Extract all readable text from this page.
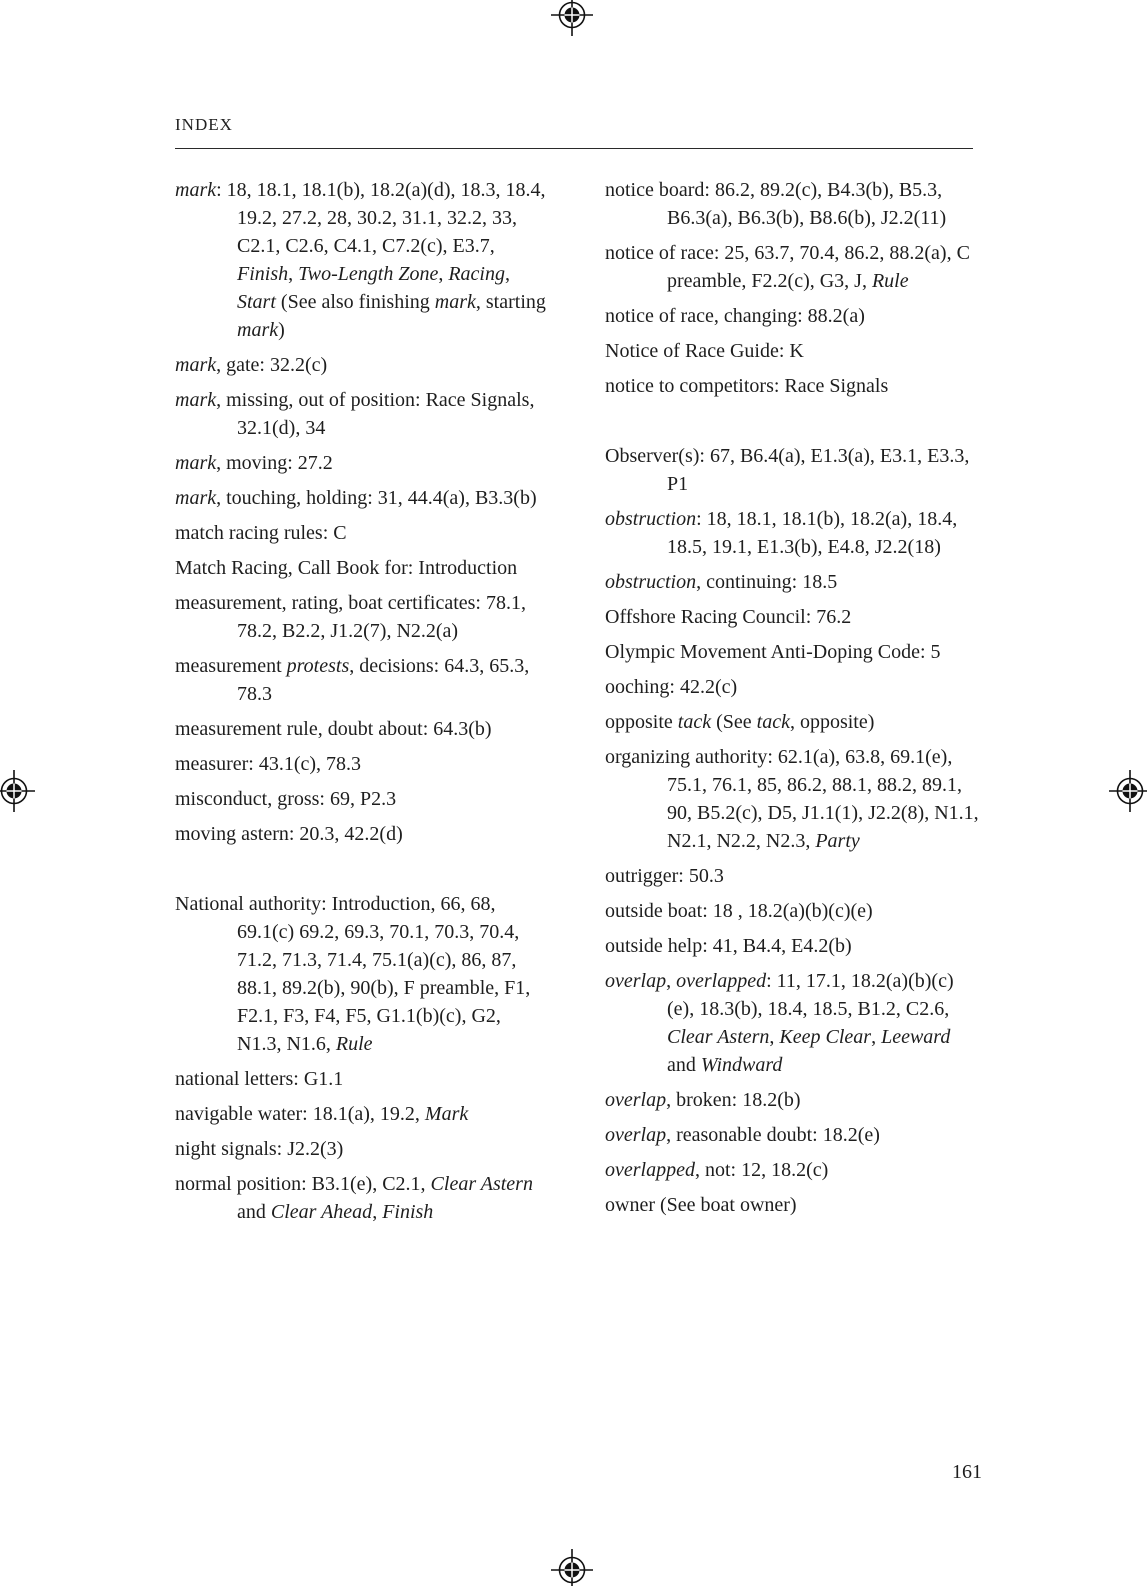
INDEX

mark: 18, 18.1, 18.1(b), 18.2(a)(d), 18.3, 18.4, 19.2, 27.2, 28, 30.2, 31.1, 32.2, 33, C2.1, C2.6, C4.1, C7.2(c), E3.7, Finish, Two-Length Zone, Racing, Start (See also finishing mark, starting mark)

mark, gate: 32.2(c)

mark, missing, out of position: Race Signals, 32.1(d), 34

mark, moving: 27.2

mark, touching, holding: 31, 44.4(a), B3.3(b)

match racing rules: C

Match Racing, Call Book for: Introduction

measurement, rating, boat certificates: 78.1, 78.2, B2.2, J1.2(7), N2.2(a)

measurement protests, decisions: 64.3, 65.3, 78.3

measurement rule, doubt about: 64.3(b)

measurer: 43.1(c), 78.3

misconduct, gross: 69, P2.3

moving astern: 20.3, 42.2(d)

National authority: Introduction, 66, 68, 69.1(c) 69.2, 69.3, 70.1, 70.3, 70.4, 71.2, 71.3, 71.4, 75.1(a)(c), 86, 87, 88.1, 89.2(b), 90(b), F preamble, F1, F2.1, F3, F4, F5, G1.1(b)(c), G2, N1.3, N1.6, Rule

national letters: G1.1

navigable water: 18.1(a), 19.2, Mark

night signals: J2.2(3)

normal position: B3.1(e), C2.1, Clear Astern and Clear Ahead, Finish

notice board: 86.2, 89.2(c), B4.3(b), B5.3, B6.3(a), B6.3(b), B8.6(b), J2.2(11)

notice of race: 25, 63.7, 70.4, 86.2, 88.2(a), C preamble, F2.2(c), G3, J, Rule

notice of race, changing: 88.2(a)

Notice of Race Guide: K

notice to competitors: Race Signals

Observer(s): 67, B6.4(a), E1.3(a), E3.1, E3.3, P1

obstruction: 18, 18.1, 18.1(b), 18.2(a), 18.4, 18.5, 19.1, E1.3(b), E4.8, J2.2(18)

obstruction, continuing: 18.5

Offshore Racing Council: 76.2

Olympic Movement Anti-Doping Code: 5

ooching: 42.2(c)

opposite tack (See tack, opposite)

organizing authority: 62.1(a), 63.8, 69.1(e), 75.1, 76.1, 85, 86.2, 88.1, 88.2, 89.1, 90, B5.2(c), D5, J1.1(1), J2.2(8), N1.1, N2.1, N2.2, N2.3, Party

outrigger: 50.3

outside boat: 18 , 18.2(a)(b)(c)(e)

outside help: 41, B4.4, E4.2(b)

overlap, overlapped: 11, 17.1, 18.2(a)(b)(c)(e), 18.3(b), 18.4, 18.5, B1.2, C2.6, Clear Astern, Keep Clear, Leeward and Windward

overlap, broken: 18.2(b)

overlap, reasonable doubt: 18.2(e)

overlapped, not: 12, 18.2(c)

owner (See boat owner)

161
